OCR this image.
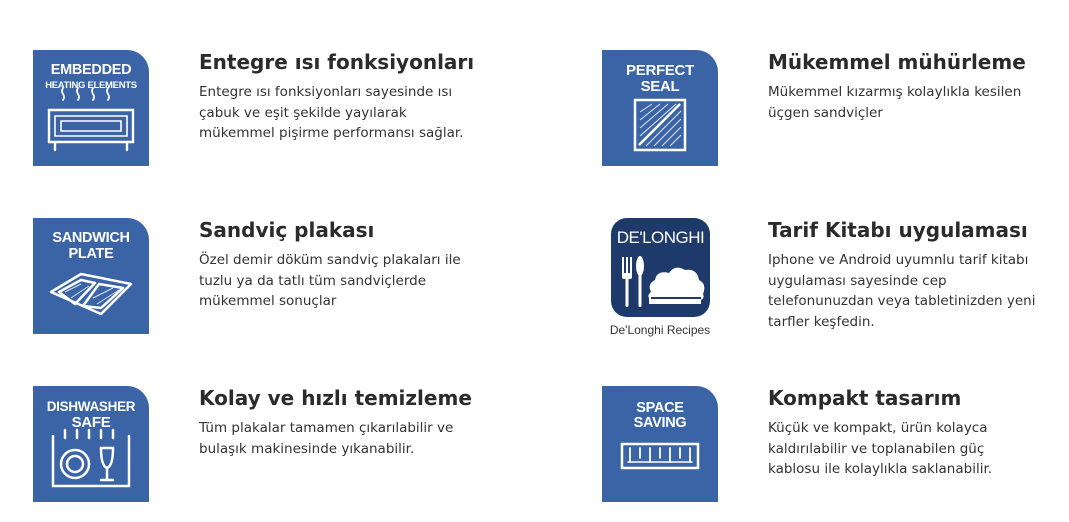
EMBEDDED
HEATING ELEMENTS
Entegre ısı fonksiyonları

Entegre ısı fonksiyonları sayesinde ısı çabuk ve eşit şekilde yayılarak mükemmel pişirme performansı sağlar.

PERFECT
SEAL
Mükemmel mühürleme

Mükemmel kızarmış kolaylıkla kesilen üçgen sandviçler

SANDWICH
PLATE
Sandviç plakası

Özel demir döküm sandviç plakaları ile tuzlu ya da tatlı tüm sandviçlerde mükemmel sonuçlar

DE'LONGHI
De'Longhi Recipes
Tarif Kitabı uygulaması

Iphone ve Android uyumnlu tarif kitabı uygulaması sayesinde cep telefonunuzdan veya tabletinizden yeni tarfler keşfedin.

DISHWASHER
SAFE
Kolay ve hızlı temizleme

Tüm plakalar tamamen çıkarılabilir ve bulaşık makinesinde yıkanabilir.

SPACE
SAVING
Kompakt tasarım

Küçük ve kompakt, ürün kolayca kaldırılabilir ve toplanabilen güç kablosu ile kolaylıkla saklanabilir.
